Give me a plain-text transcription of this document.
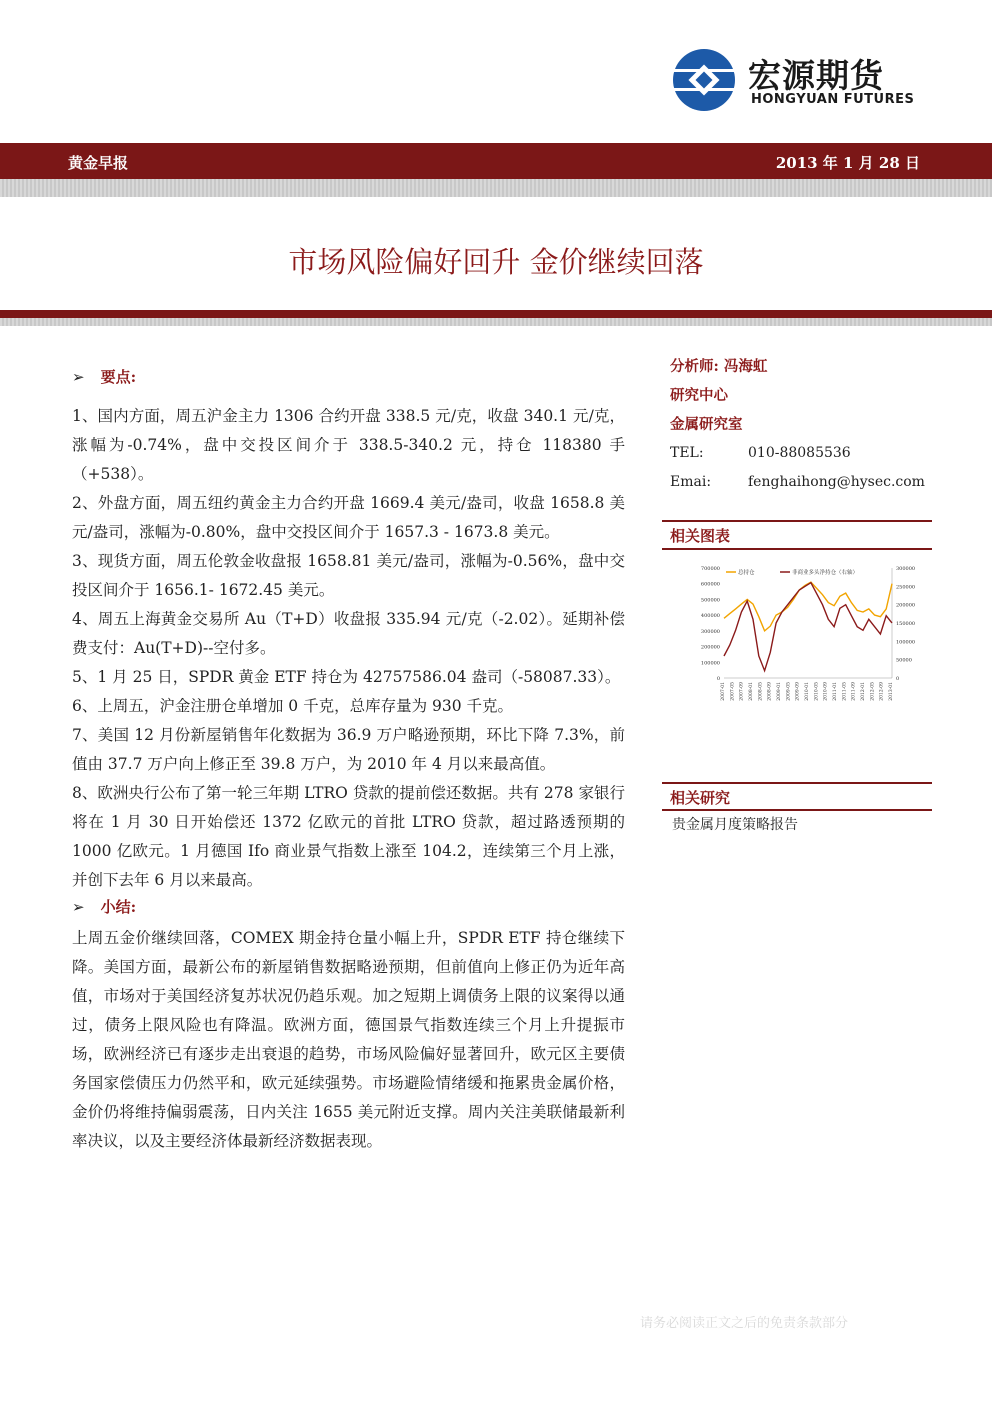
宏源期货
HONGYUAN FUTURES
黄金早报	2013 年 1 月 28 日
市场风险偏好回升 金价继续回落
➢ 要点:

1、国内方面，周五沪金主力 1306 合约开盘 338.5 元/克，收盘 340.1 元/克，涨幅为-0.74%，盘中交投区间介于 338.5-340.2 元，持仓 118380 手（+538）。

2、外盘方面，周五纽约黄金主力合约开盘 1669.4 美元/盎司，收盘 1658.8 美元/盎司，涨幅为-0.80%，盘中交投区间介于 1657.3 - 1673.8 美元。

3、现货方面，周五伦敦金收盘报 1658.81 美元/盎司，涨幅为-0.56%，盘中交投区间介于 1656.1- 1672.45 美元。

4、周五上海黄金交易所 Au（T+D）收盘报 335.94 元/克（-2.02）。延期补偿费支付：Au(T+D)--空付多。

5、1 月 25 日，SPDR 黄金 ETF 持仓为 42757586.04 盎司（-58087.33）。

6、上周五，沪金注册仓单增加 0 千克，总库存量为 930 千克。

7、美国 12 月份新屋销售年化数据为 36.9 万户略逊预期，环比下降 7.3%，前值由 37.7 万户向上修正至 39.8 万户，为 2010 年 4 月以来最高值。

8、欧洲央行公布了第一轮三年期 LTRO 贷款的提前偿还数据。共有 278 家银行将在 1 月 30 日开始偿还 1372 亿欧元的首批 LTRO 贷款，超过路透预期的 1000 亿欧元。1 月德国 Ifo 商业景气指数上涨至 104.2，连续第三个月上涨，并创下去年 6 月以来最高。

➢ 小结:

上周五金价继续回落，COMEX 期金持仓量小幅上升，SPDR ETF 持仓继续下降。美国方面，最新公布的新屋销售数据略逊预期，但前值向上修正仍为近年高值，市场对于美国经济复苏状况仍趋乐观。加之短期上调债务上限的议案得以通过，债务上限风险也有降温。欧洲方面，德国景气指数连续三个月上升提振市场，欧洲经济已有逐步走出衰退的趋势，市场风险偏好显著回升，欧元区主要债务国家偿债压力仍然平和，欧元延续强势。市场避险情绪缓和拖累贵金属价格，金价仍将维持偏弱震荡，日内关注 1655 美元附近支撑。周内关注美联储最新利率决议，以及主要经济体最新经济数据表现。

分析师: 冯海虹
研究中心
金属研究室
TEL:	010-88085536
Emai:	fenghaihong@hysec.com
相关图表
700000
600000
500000
400000
300000
200000
100000
0
300000
250000
200000
150000
100000
50000
0
2007-01 2007-05 2007-09 2008-01 2008-05 2008-09 2009-01 2009-05 2009-09 2010-01 2010-05 2010-09 2011-01 2011-05 2011-09 2012-01 2012-05 2012-09 2013-01
总持仓	非商业多头净持仓（右轴）
相关研究
贵金属月度策略报告
请务必阅读正文之后的免责条款部分
